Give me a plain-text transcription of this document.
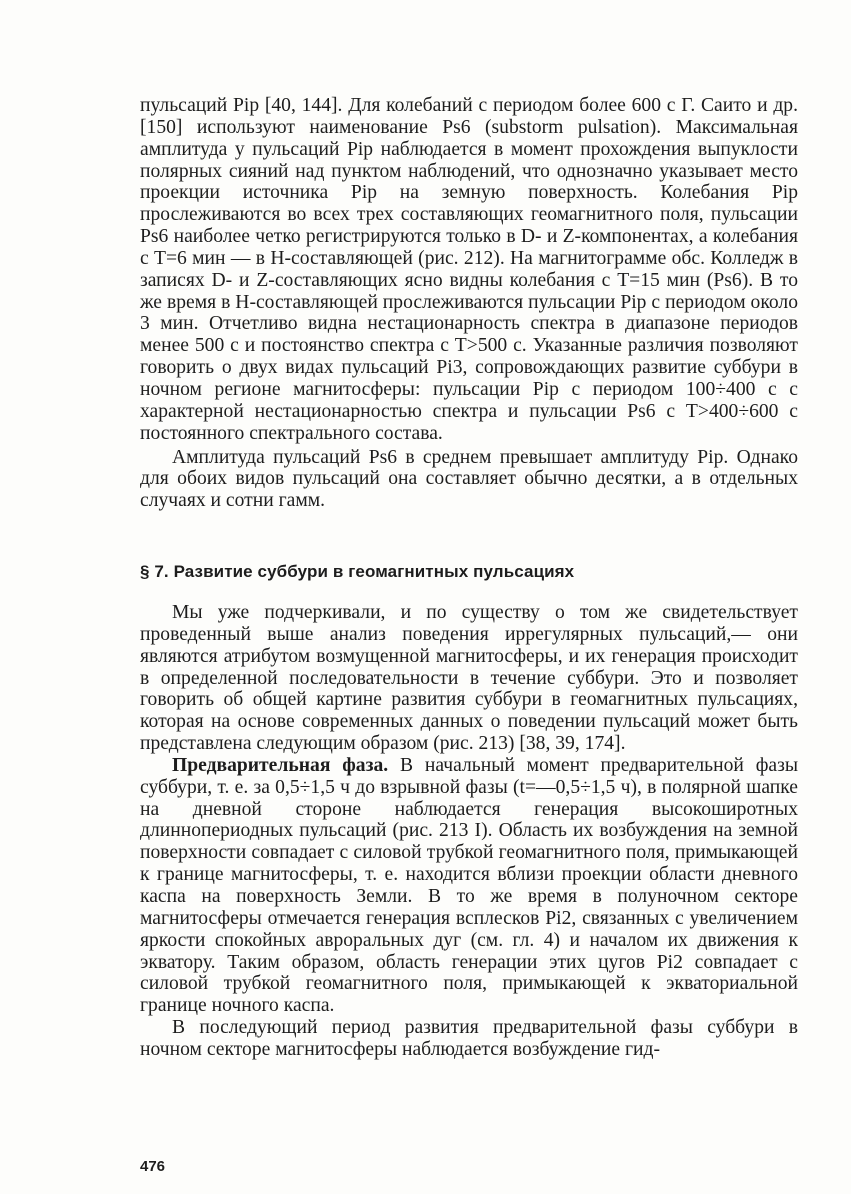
пульсаций Pip [40, 144]. Для колебаний с периодом более 600 с Г. Саито и др. [150] используют наименование Ps6 (substorm pulsation). Максимальная амплитуда у пульсаций Pip наблюдается в момент прохождения выпуклости полярных сияний над пунктом наблюдений, что однозначно указывает место проекции источника Pip на земную поверхность. Колебания Pip прослеживаются во всех трех составляющих геомагнитного поля, пульсации Ps6 наиболее четко регистрируются только в D- и Z-компонентах, а колебания с T=6 мин — в H-составляющей (рис. 212). На магнитограмме обс. Колледж в записях D- и Z-составляющих ясно видны колебания с T=15 мин (Ps6). В то же время в H-составляющей прослеживаются пульсации Pip с периодом около 3 мин. Отчетливо видна нестационарность спектра в диапазоне периодов менее 500 с и постоянство спектра с T>500 с. Указанные различия позволяют говорить о двух видах пульсаций Pi3, сопровождающих развитие суббури в ночном регионе магнитосферы: пульсации Pip с периодом 100÷400 с с характерной нестационарностью спектра и пульсации Ps6 с T>400÷600 с постоянного спектрального состава.

Амплитуда пульсаций Ps6 в среднем превышает амплитуду Pip. Однако для обоих видов пульсаций она составляет обычно десятки, а в отдельных случаях и сотни гамм.

§ 7. Развитие суббури в геомагнитных пульсациях

Мы уже подчеркивали, и по существу о том же свидетельствует проведенный выше анализ поведения иррегулярных пульсаций,— они являются атрибутом возмущенной магнитосферы, и их генерация происходит в определенной последовательности в течение суббури. Это и позволяет говорить об общей картине развития суббури в геомагнитных пульсациях, которая на основе современных данных о поведении пульсаций может быть представлена следующим образом (рис. 213) [38, 39, 174].

Предварительная фаза. В начальный момент предварительной фазы суббури, т. е. за 0,5÷1,5 ч до взрывной фазы (t=—0,5÷1,5 ч), в полярной шапке на дневной стороне наблюдается генерация высокоширотных длиннопериодных пульсаций (рис. 213 I). Область их возбуждения на земной поверхности совпадает с силовой трубкой геомагнитного поля, примыкающей к границе магнитосферы, т. е. находится вблизи проекции области дневного каспа на поверхность Земли. В то же время в полуночном секторе магнитосферы отмечается генерация всплесков Pi2, связанных с увеличением яркости спокойных авроральных дуг (см. гл. 4) и началом их движения к экватору. Таким образом, область генерации этих цугов Pi2 совпадает с силовой трубкой геомагнитного поля, примыкающей к экваториальной границе ночного каспа.

В последующий период развития предварительной фазы суббури в ночном секторе магнитосферы наблюдается возбуждение гид-

476
